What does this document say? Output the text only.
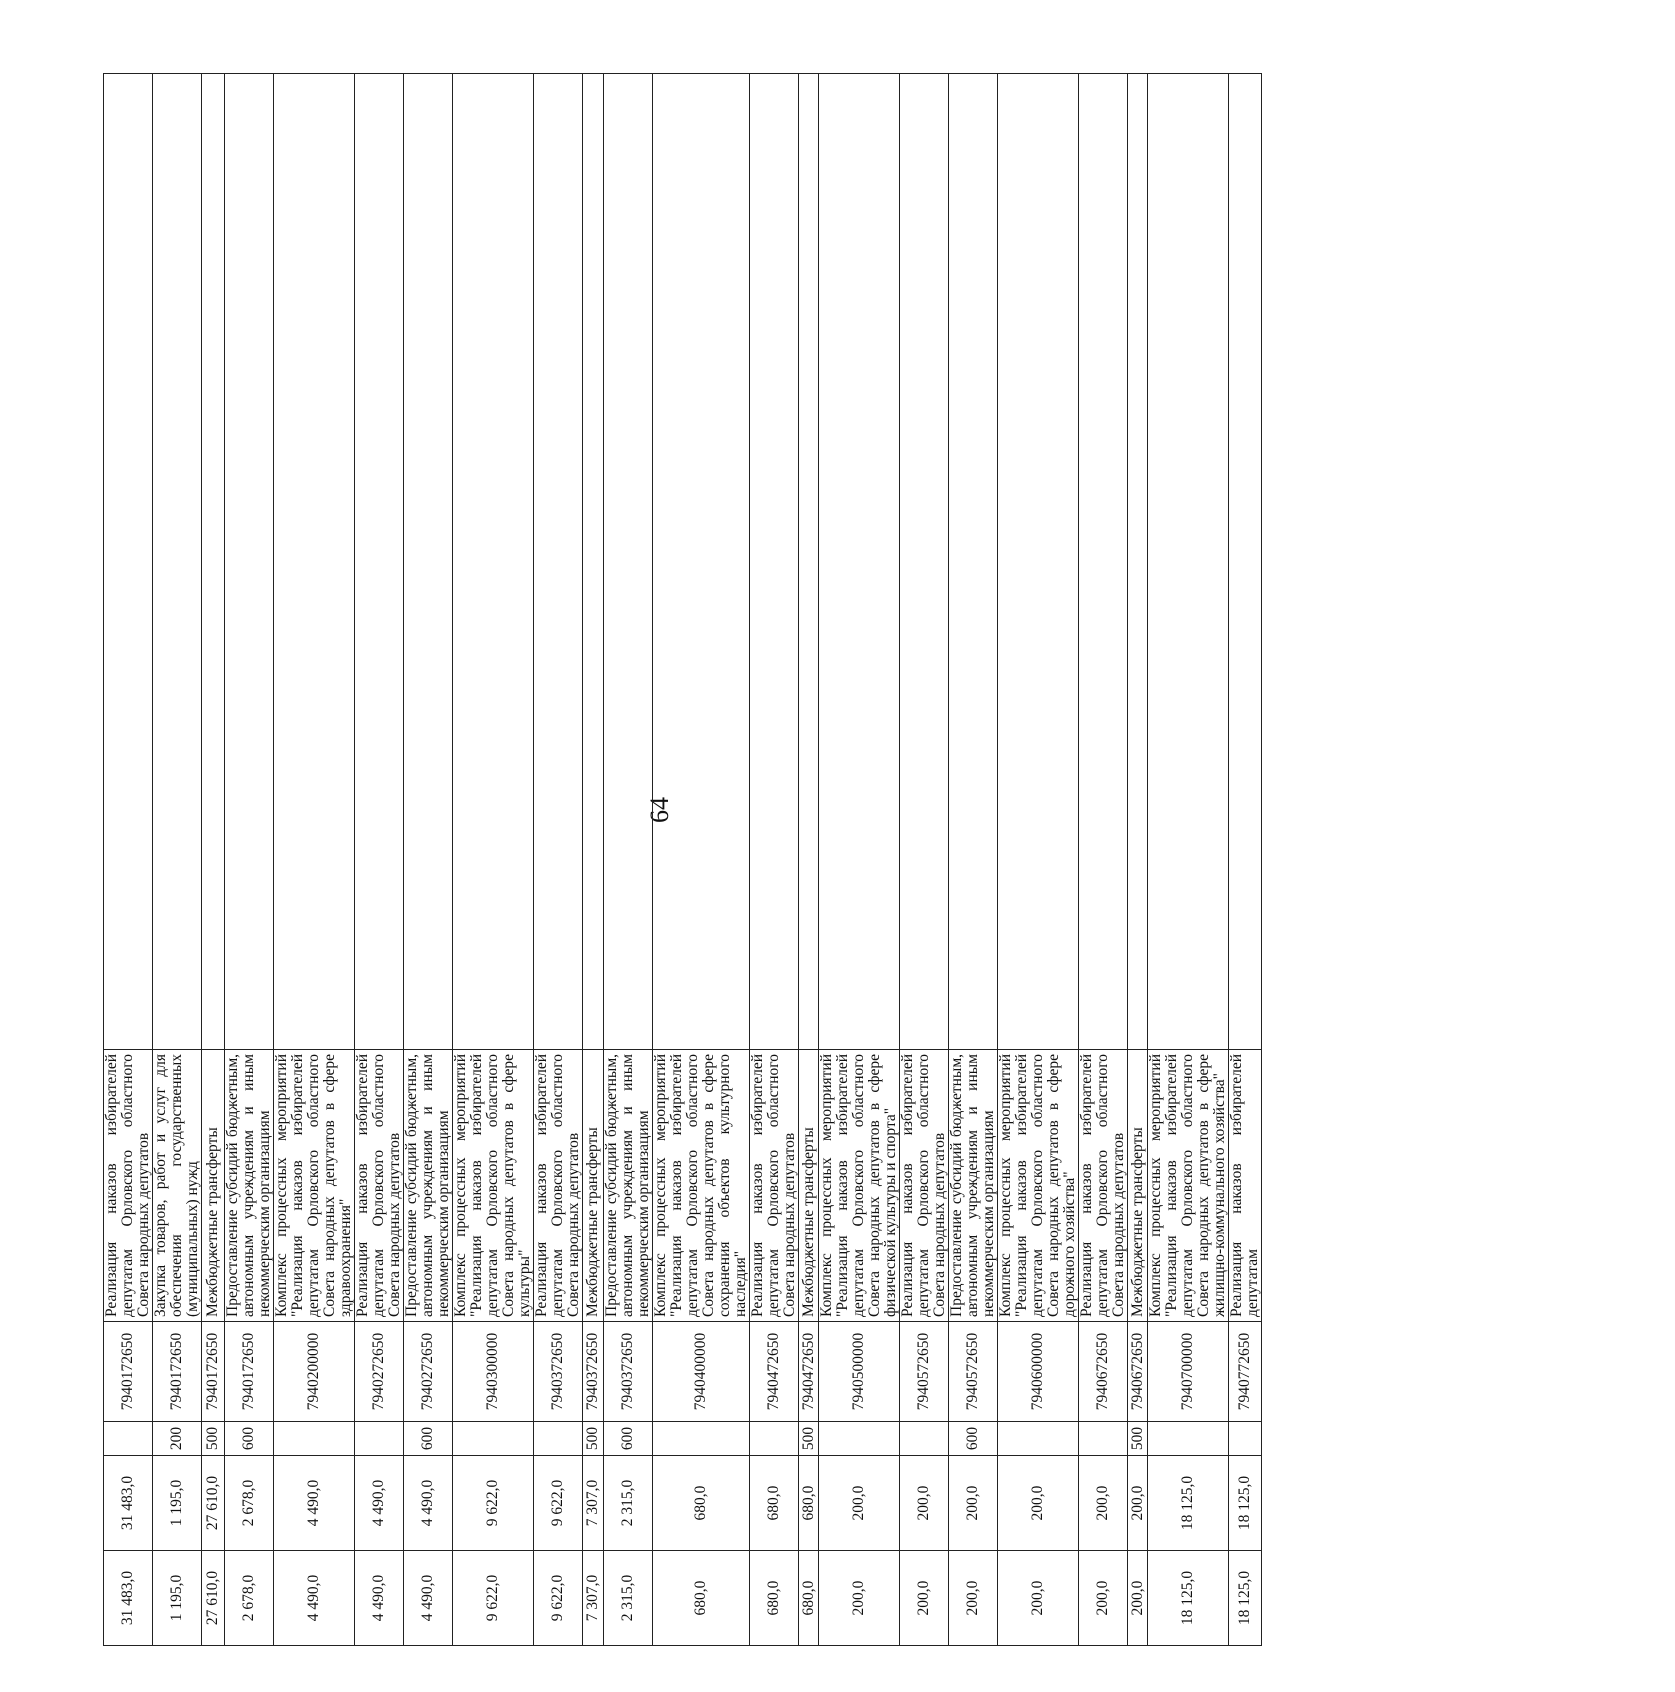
64
31 483,0	31 483,0		7940172650	Реализация наказов избирателей депутатам Орловского областного Совета народных депутатов	
1 195,0	1 195,0	200	7940172650	Закупка товаров, работ и услуг для обеспечения государственных (муниципальных) нужд	
27 610,0	27 610,0	500	7940172650	Межбюджетные трансферты	
2 678,0	2 678,0	600	7940172650	Предоставление субсидий бюджетным, автономным учреждениям и иным некоммерческим организациям	
4 490,0	4 490,0		7940200000	Комплекс процессных мероприятий "Реализация наказов избирателей депутатам Орловского областного Совета народных депутатов в сфере здравоохранения"	
4 490,0	4 490,0		7940272650	Реализация наказов избирателей депутатам Орловского областного Совета народных депутатов	
4 490,0	4 490,0	600	7940272650	Предоставление субсидий бюджетным, автономным учреждениям и иным некоммерческим организациям	
9 622,0	9 622,0		7940300000	Комплекс процессных мероприятий "Реализация наказов избирателей депутатам Орловского областного Совета народных депутатов в сфере культуры"	
9 622,0	9 622,0		7940372650	Реализация наказов избирателей депутатам Орловского областного Совета народных депутатов	
7 307,0	7 307,0	500	7940372650	Межбюджетные трансферты	
2 315,0	2 315,0	600	7940372650	Предоставление субсидий бюджетным, автономным учреждениям и иным некоммерческим организациям	
680,0	680,0		7940400000	Комплекс процессных мероприятий "Реализация наказов избирателей депутатам Орловского областного Совета народных депутатов в сфере сохранения объектов культурного наследия"	
680,0	680,0		7940472650	Реализация наказов избирателей депутатам Орловского областного Совета народных депутатов	
680,0	680,0	500	7940472650	Межбюджетные трансферты	
200,0	200,0		7940500000	Комплекс процессных мероприятий "Реализация наказов избирателей депутатам Орловского областного Совета народных депутатов в сфере физической культуры и спорта"	
200,0	200,0		7940572650	Реализация наказов избирателей депутатам Орловского областного Совета народных депутатов	
200,0	200,0	600	7940572650	Предоставление субсидий бюджетным, автономным учреждениям и иным некоммерческим организациям	
200,0	200,0		7940600000	Комплекс процессных мероприятий "Реализация наказов избирателей депутатам Орловского областного Совета народных депутатов в сфере дорожного хозяйства"	
200,0	200,0		7940672650	Реализация наказов избирателей депутатам Орловского областного Совета народных депутатов	
200,0	200,0	500	7940672650	Межбюджетные трансферты	
18 125,0	18 125,0		7940700000	Комплекс процессных мероприятий "Реализация наказов избирателей депутатам Орловского областного Совета народных депутатов в сфере жилищно-коммунального хозяйства"	
18 125,0	18 125,0		7940772650	Реализация наказов избирателей депутатам	
